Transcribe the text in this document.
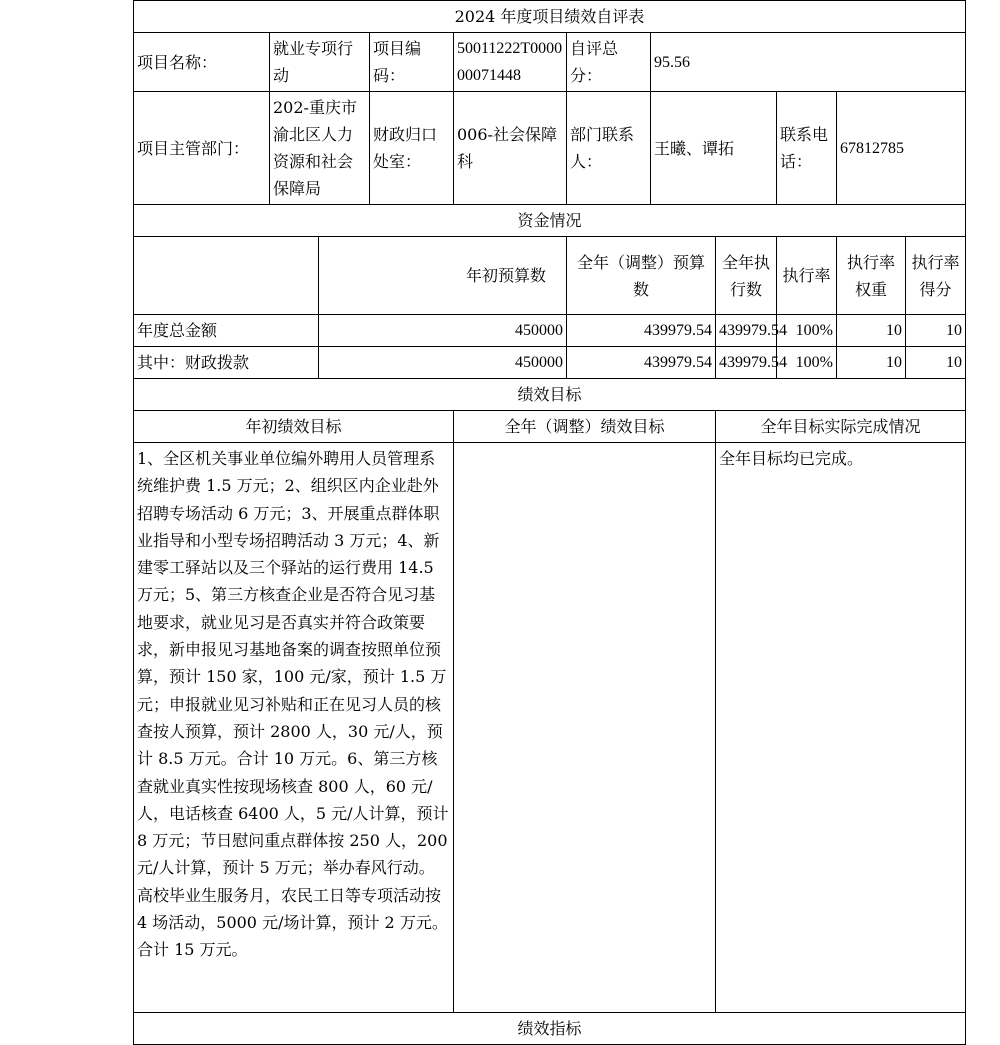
2024 年度项目绩效自评表										
项目名称：	就业专项行动		项目编码：	50011222T000000071448	自评总分：	95.56				
项目主管部门：	202-重庆市渝北区人力资源和社会保障局		财政归口处室：	006-社会保障科	部门联系人：	王曦、谭拓		联系电话：	67812785	
资金情况										
		年初预算数			全年（调整）预算数		全年执行数	执行率	执行率权重	执行率得分
年度总金额		450000			439979.54		439979.54	100%	10	10
其中：财政拨款		450000			439979.54		439979.54	100%	10	10
绩效目标										
年初绩效目标				全年（调整）绩效目标			全年目标实际完成情况			
1、全区机关事业单位编外聘用人员管理系统维护费 1.5 万元；2、组织区内企业赴外招聘专场活动 6 万元；3、开展重点群体职业指导和小型专场招聘活动 3 万元；4、新建零工驿站以及三个驿站的运行费用 14.5 万元；5、第三方核查企业是否符合见习基地要求，就业见习是否真实并符合政策要求，新申报见习基地备案的调查按照单位预算，预计 150 家，100 元/家，预计 1.5 万元；申报就业见习补贴和正在见习人员的核查按人预算，预计 2800 人，30 元/人，预计 8.5 万元。合计 10 万元。6、第三方核查就业真实性按现场核查 800 人，60 元/人，电话核查 6400 人，5 元/人计算，预计 8 万元；节日慰问重点群体按 250 人，200 元/人计算，预计 5 万元；举办春风行动。高校毕业生服务月，农民工日等专项活动按 4 场活动，5000 元/场计算，预计 2 万元。合计 15 万元。							全年目标均已完成。			
绩效指标										
